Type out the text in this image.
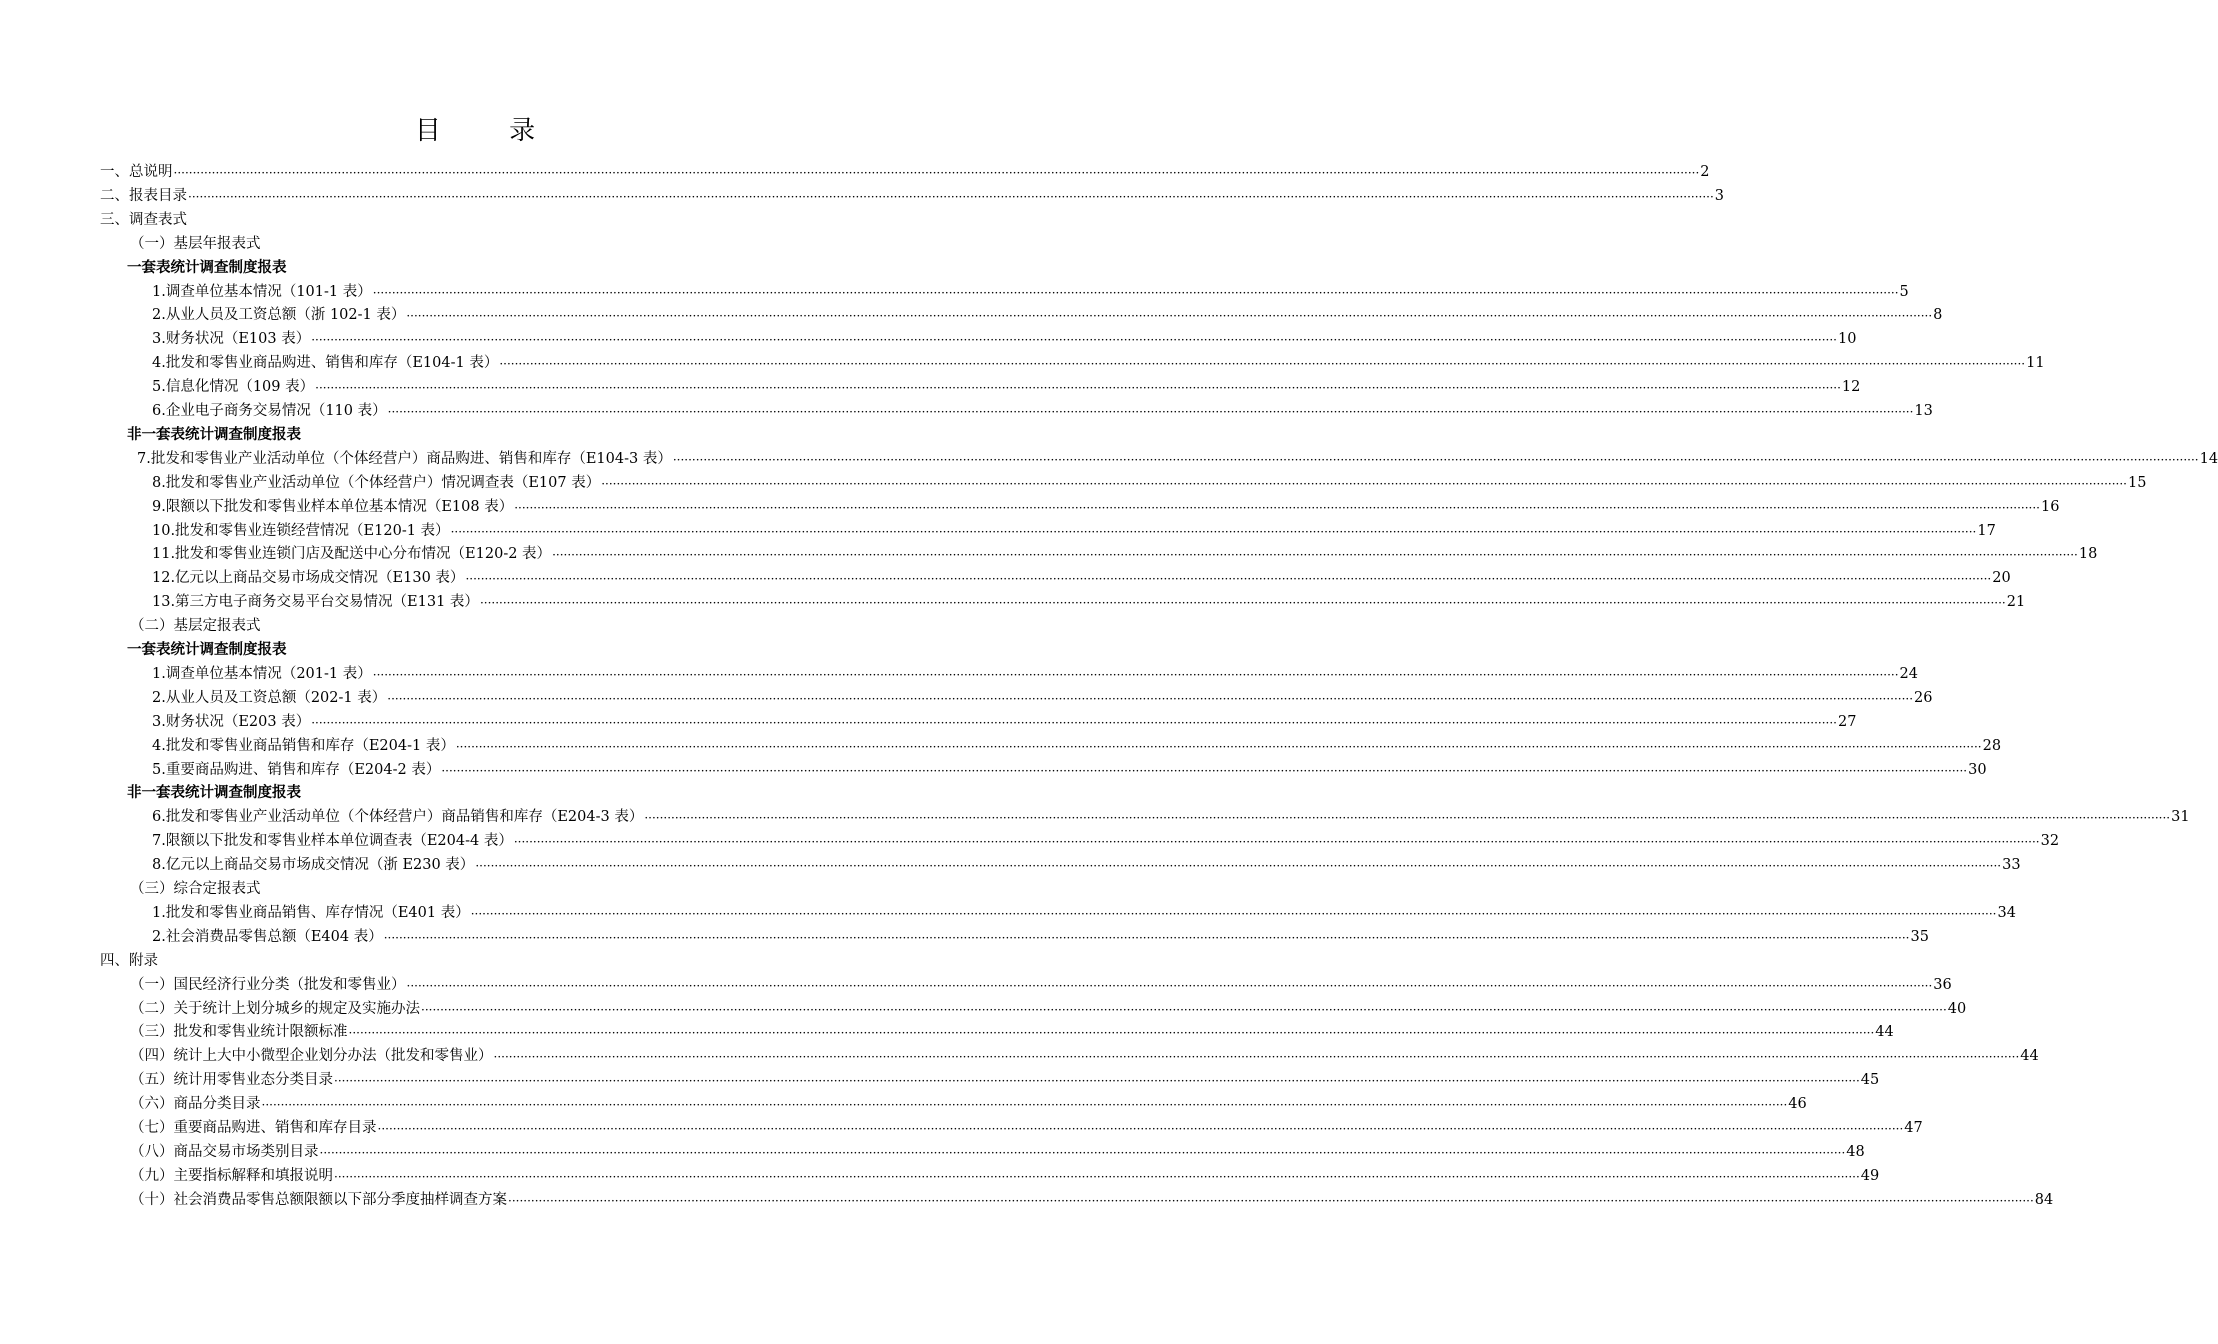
目 录
一、总说明 ················································································································································································································································································································································································································ 2
二、报表目录 ················································································································································································································································································································································································································ 3
三、调查表式
（一）基层年报表式
一套表统计调查制度报表
1.调查单位基本情况（101-1 表） ················································································································································································································································································································································································································ 5
2.从业人员及工资总额（浙 102-1 表） ················································································································································································································································································································································································································ 8
3.财务状况（E103 表） ················································································································································································································································································································································································································ 10
4.批发和零售业商品购进、销售和库存（E104-1 表） ················································································································································································································································································································································································································ 11
5.信息化情况（109 表） ················································································································································································································································································································································································································ 12
6.企业电子商务交易情况（110 表） ················································································································································································································································································································································································································ 13
非一套表统计调查制度报表
7.批发和零售业产业活动单位（个体经营户）商品购进、销售和库存（E104-3 表） ················································································································································································································································································································································································································ 14
8.批发和零售业产业活动单位（个体经营户）情况调查表（E107 表） ················································································································································································································································································································································································································ 15
9.限额以下批发和零售业样本单位基本情况（E108 表） ················································································································································································································································································································································································································ 16
10.批发和零售业连锁经营情况（E120-1 表） ················································································································································································································································································································································································································ 17
11.批发和零售业连锁门店及配送中心分布情况（E120-2 表） ················································································································································································································································································································································································································ 18
12.亿元以上商品交易市场成交情况（E130 表） ················································································································································································································································································································································································································ 20
13.第三方电子商务交易平台交易情况（E131 表） ················································································································································································································································································································································································································ 21
（二）基层定报表式
一套表统计调查制度报表
1.调查单位基本情况（201-1 表） ················································································································································································································································································································································································································ 24
2.从业人员及工资总额（202-1 表） ················································································································································································································································································································································································································ 26
3.财务状况（E203 表） ················································································································································································································································································································································································································ 27
4.批发和零售业商品销售和库存（E204-1 表） ················································································································································································································································································································································································································ 28
5.重要商品购进、销售和库存（E204-2 表） ················································································································································································································································································································································································································ 30
非一套表统计调查制度报表
6.批发和零售业产业活动单位（个体经营户）商品销售和库存（E204-3 表） ················································································································································································································································································································································································································ 31
7.限额以下批发和零售业样本单位调查表（E204-4 表） ················································································································································································································································································································································································································ 32
8.亿元以上商品交易市场成交情况（浙 E230 表） ················································································································································································································································································································································································································ 33
（三）综合定报表式
1.批发和零售业商品销售、库存情况（E401 表） ················································································································································································································································································································································································································ 34
2.社会消费品零售总额（E404 表） ················································································································································································································································································································································································································ 35
四、附录
（一）国民经济行业分类（批发和零售业） ················································································································································································································································································································································································································ 36
（二）关于统计上划分城乡的规定及实施办法 ················································································································································································································································································································································································································ 40
（三）批发和零售业统计限额标准 ················································································································································································································································································································································································································ 44
（四）统计上大中小微型企业划分办法（批发和零售业） ················································································································································································································································································································································································································ 44
（五）统计用零售业态分类目录 ················································································································································································································································································································································································································ 45
（六）商品分类目录 ················································································································································································································································································································································································································ 46
（七）重要商品购进、销售和库存目录 ················································································································································································································································································································································································································ 47
（八）商品交易市场类别目录 ················································································································································································································································································································································································································ 48
（九）主要指标解释和填报说明 ················································································································································································································································································································································································································ 49
（十）社会消费品零售总额限额以下部分季度抽样调查方案 ················································································································································································································································································································································································································ 84
